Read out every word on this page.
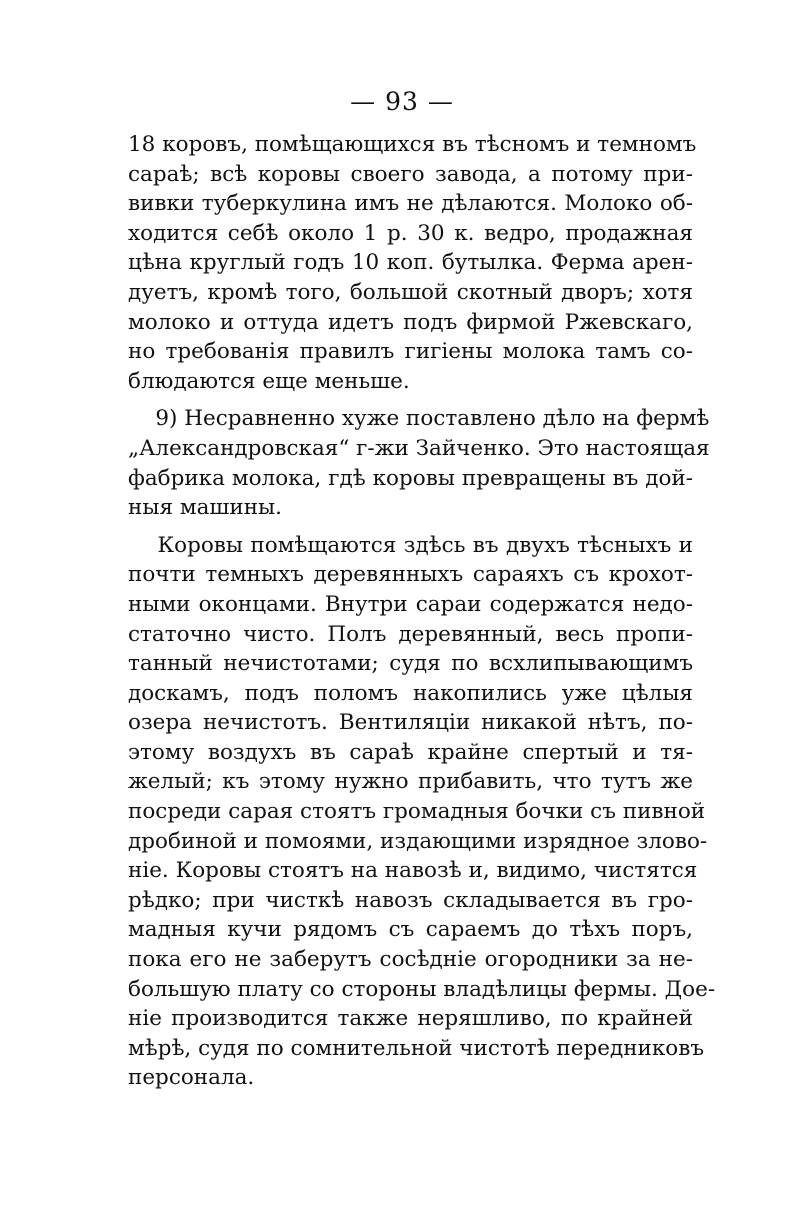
— 93 —
18 коровъ, помѣщающихся въ тѣсномъ и темномъ
сараѣ; всѣ коровы своего завода, а потому при-
вивки туберкулина имъ не дѣлаются. Молоко об-
ходится себѣ около 1 р. 30 к. ведро, продажная
цѣна круглый годъ 10 коп. бутылка. Ферма арен-
дуетъ, кромѣ того, большой скотный дворъ; хотя
молоко и оттуда идетъ подъ фирмой Ржевскаго,
но требованія правилъ гигіены молока тамъ со-
блюдаются еще меньше.
9) Несравненно хуже поставлено дѣло на фермѣ
„Александровская“ г-жи Зайченко. Это настоящая
фабрика молока, гдѣ коровы превращены въ дой-
ныя машины.
Коровы помѣщаются здѣсь въ двухъ тѣсныхъ и
почти темныхъ деревянныхъ сараяхъ съ крохот-
ными оконцами. Внутри сараи содержатся недо-
статочно чисто. Полъ деревянный, весь пропи-
танный нечистотами; судя по всхлипывающимъ
доскамъ, подъ поломъ накопились уже цѣлыя
озера нечистотъ. Вентиляціи никакой нѣтъ, по-
этому воздухъ въ сараѣ крайне спертый и тя-
желый; къ этому нужно прибавить, что тутъ же
посреди сарая стоятъ громадныя бочки съ пивной
дробиной и помоями, издающими изрядное злово-
ніе. Коровы стоятъ на навозѣ и, видимо, чистятся
рѣдко; при чисткѣ навозъ складывается въ гро-
мадныя кучи рядомъ съ сараемъ до тѣхъ поръ,
пока его не заберутъ сосѣдніе огородники за не-
большую плату со стороны владѣлицы фермы. Дое-
ніе производится также неряшливо, по крайней
мѣрѣ, судя по сомнительной чистотѣ передниковъ
персонала.
